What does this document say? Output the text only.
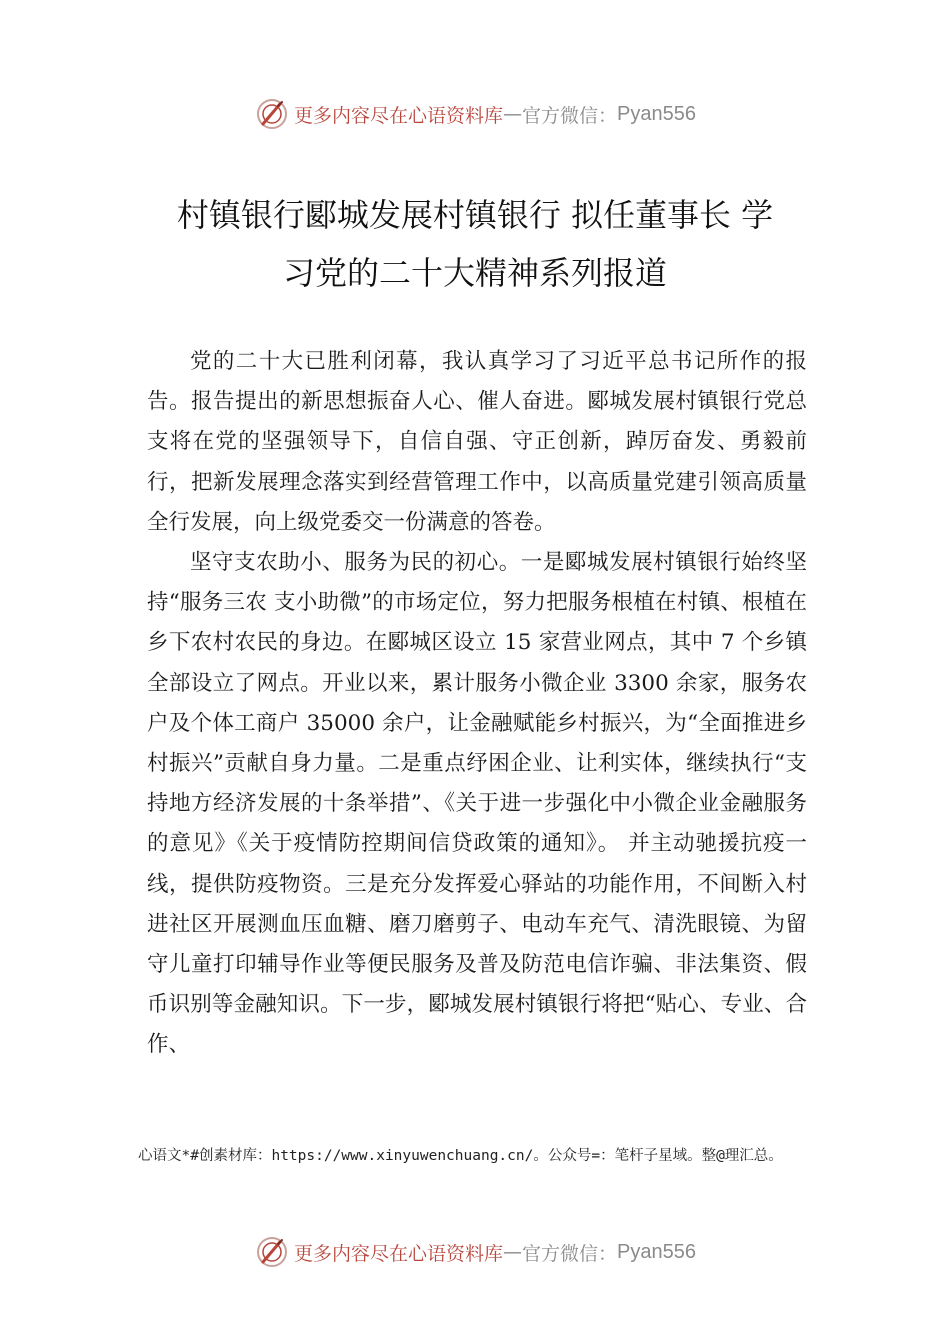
更多内容尽在心语资料库 — 官方微信： Pyan556
村镇银行郾城发展村镇银行 拟任董事长 学
习党的二十大精神系列报道

党的二十大已胜利闭幕，我认真学习了习近平总书记所作的报告。报告提出的新思想振奋人心、催人奋进。郾城发展村镇银行党总支将在党的坚强领导下，自信自强、守正创新，踔厉奋发、勇毅前行，把新发展理念落实到经营管理工作中，以高质量党建引领高质量全行发展，向上级党委交一份满意的答卷。

坚守支农助小、服务为民的初心。一是郾城发展村镇银行始终坚持“服务三农 支小助微”的市场定位，努力把服务根植在村镇、根植在乡下农村农民的身边。在郾城区设立 15 家营业网点，其中 7 个乡镇全部设立了网点。开业以来，累计服务小微企业 3300 余家，服务农户及个体工商户 35000 余户，让金融赋能乡村振兴，为“全面推进乡村振兴”贡献自身力量。二是重点纾困企业、让利实体，继续执行“支持地方经济发展的十条举措”、《关于进一步强化中小微企业金融服务的意见》《关于疫情防控期间信贷政策的通知》。 并主动驰援抗疫一线，提供防疫物资。三是充分发挥爱心驿站的功能作用，不间断入村进社区开展测血压血糖、磨刀磨剪子、电动车充气、清洗眼镜、为留守儿童打印辅导作业等便民服务及普及防范电信诈骗、非法集资、假币识别等金融知识。下一步，郾城发展村镇银行将把“贴心、专业、合作、

心语文*#创素材库：https://www.xinyuwenchuang.cn/。公众号=：笔杆子星域。整@理汇总。
更多内容尽在心语资料库 — 官方微信： Pyan556
